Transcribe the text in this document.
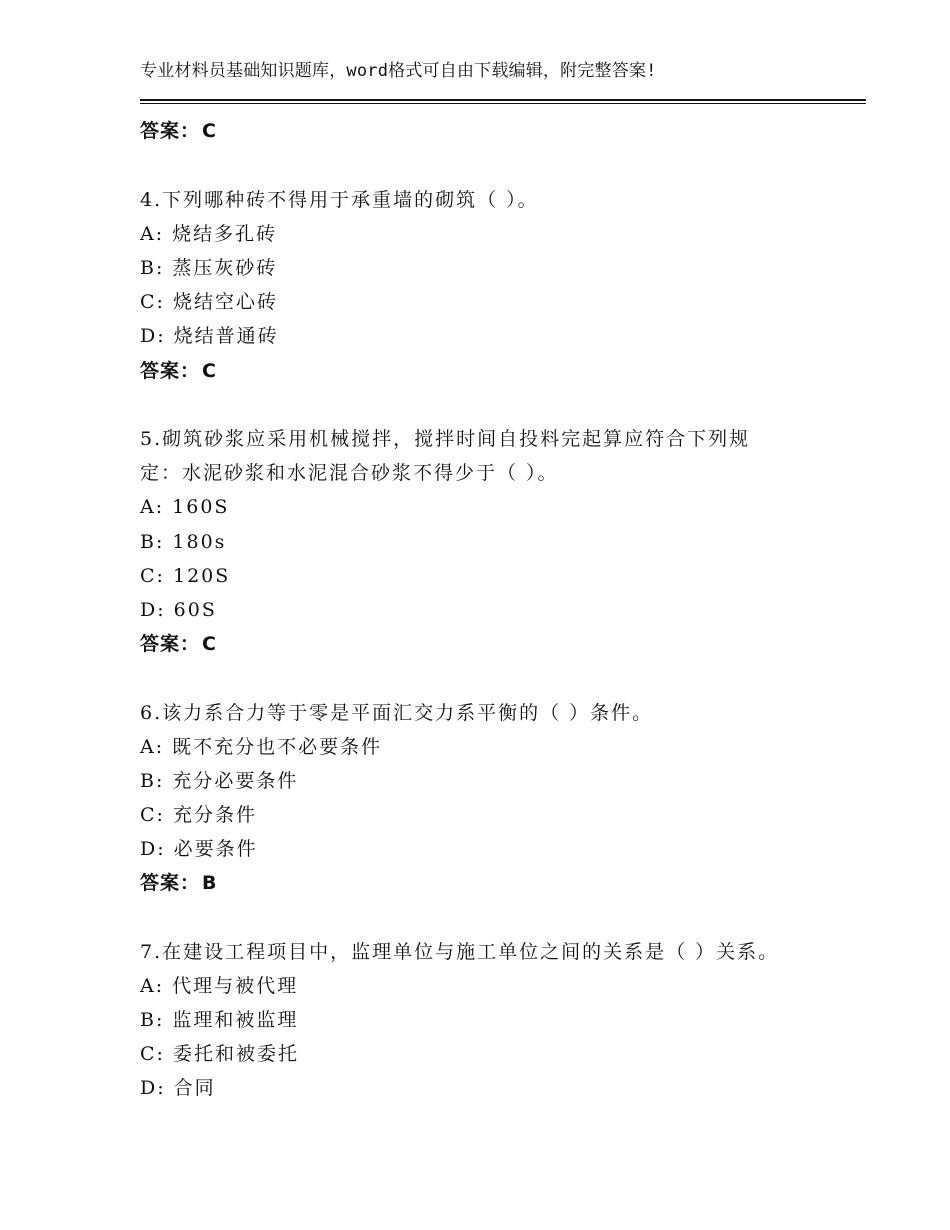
专业材料员基础知识题库，word格式可自由下载编辑，附完整答案!
答案： C
4.下列哪种砖不得用于承重墙的砌筑（ ）。
A: 烧结多孔砖
B: 蒸压灰砂砖
C: 烧结空心砖
D: 烧结普通砖
答案： C
5.砌筑砂浆应采用机械搅拌，搅拌时间自投料完起算应符合下列规
定：水泥砂浆和水泥混合砂浆不得少于（ ）。
A: 160S
B: 180s
C: 120S
D: 60S
答案： C
6.该力系合力等于零是平面汇交力系平衡的（ ）条件。
A: 既不充分也不必要条件
B: 充分必要条件
C: 充分条件
D: 必要条件
答案： B
7.在建设工程项目中，监理单位与施工单位之间的关系是（ ）关系。
A: 代理与被代理
B: 监理和被监理
C: 委托和被委托
D: 合同
